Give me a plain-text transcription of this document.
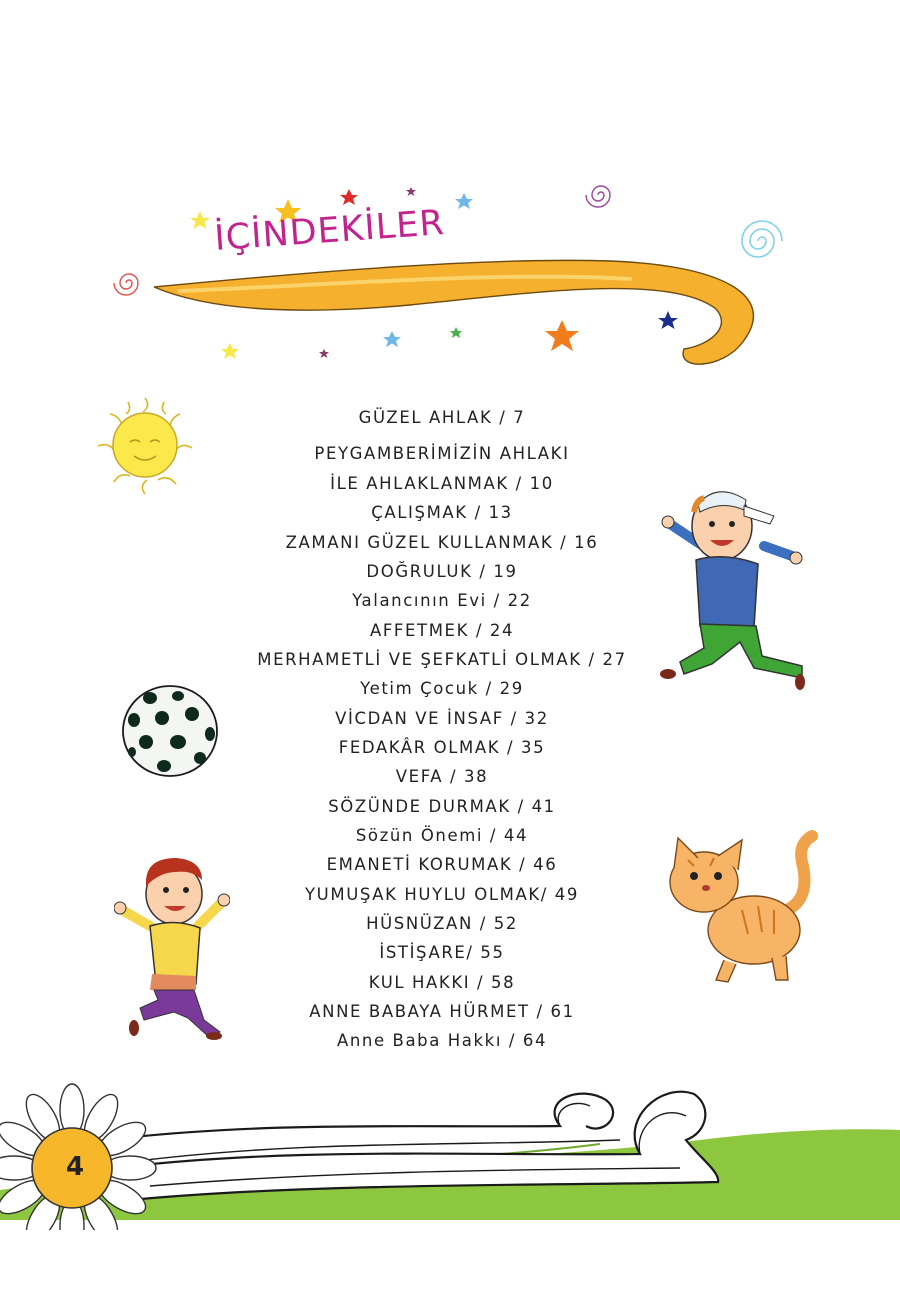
İÇİNDEKİLER
GÜZEL AHLAK / 7
PEYGAMBERİMİZİN AHLAKI
İLE AHLAKLANMAK / 10
ÇALIŞMAK / 13
ZAMANI GÜZEL KULLANMAK / 16
DOĞRULUK / 19
Yalancının Evi / 22
AFFETMEK / 24
MERHAMETLİ VE ŞEFKATLİ OLMAK / 27
Yetim Çocuk / 29
VİCDAN VE İNSAF / 32
FEDAKÂR OLMAK / 35
VEFA / 38
SÖZÜNDE DURMAK / 41
Sözün Önemi / 44
EMANETİ KORUMAK / 46
YUMUŞAK HUYLU OLMAK/ 49
HÜSNÜZAN / 52
İSTİŞARE/ 55
KUL HAKKI / 58
ANNE BABAYA HÜRMET / 61
Anne Baba Hakkı / 64
4
